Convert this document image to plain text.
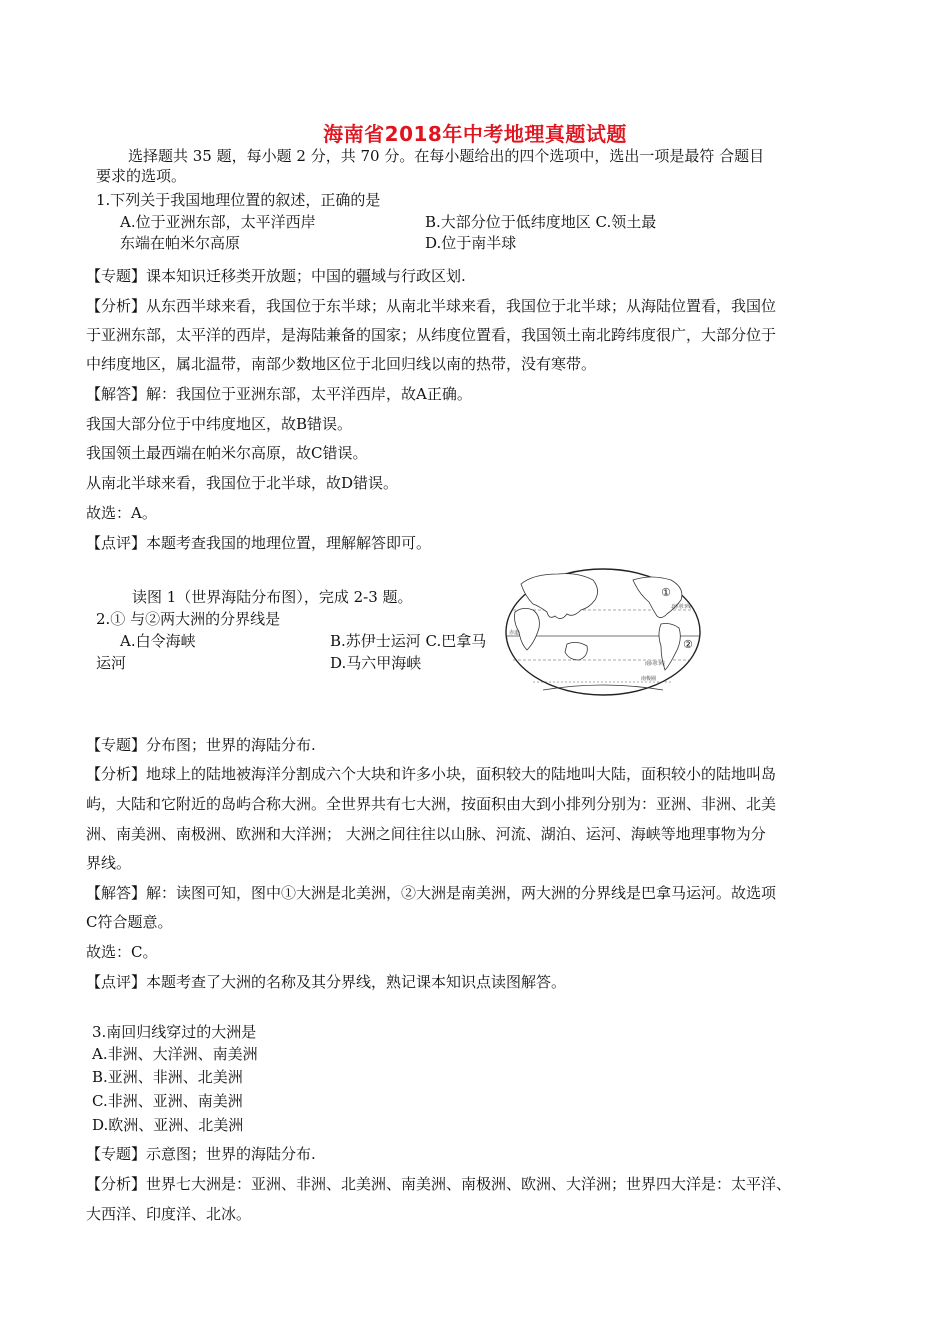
海南省2018年中考地理真题试题
选择题共 35 题，每小题 2 分，共 70 分。在每小题给出的四个选项中，选出一项是最符 合题目
要求的选项。
1.下列关于我国地理位置的叙述，正确的是
A.位于亚洲东部，太平洋西岸	B.大部分位于低纬度地区 C.领土最
东端在帕米尔高原	D.位于南半球
【专题】课本知识迁移类开放题；中国的疆域与行政区划.
【分析】从东西半球来看，我国位于东半球；从南北半球来看，我国位于北半球；从海陆位置看，我国位
于亚洲东部，太平洋的西岸，是海陆兼备的国家；从纬度位置看，我国领土南北跨纬度很广，大部分位于
中纬度地区，属北温带，南部少数地区位于北回归线以南的热带，没有寒带。
【解答】解：我国位于亚洲东部，太平洋西岸，故A正确。
我国大部分位于中纬度地区，故B错误。
我国领土最西端在帕米尔高原，故C错误。
从南北半球来看，我国位于北半球，故D错误。
故选：A。
【点评】本题考查我国的地理位置，理解解答即可。
读图 1（世界海陆分布图），完成 2-3 题。
2.① 与②两大洲的分界线是
A.白令海峡	B.苏伊士运河 C.巴拿马
运河	D.马六甲海峡
①
②
北回归线
赤道
南回归线
南极圈
【专题】分布图；世界的海陆分布.
【分析】地球上的陆地被海洋分割成六个大块和许多小块，面积较大的陆地叫大陆，面积较小的陆地叫岛
屿，大陆和它附近的岛屿合称大洲。全世界共有七大洲，按面积由大到小排列分别为：亚洲、非洲、北美
洲、南美洲、南极洲、欧洲和大洋洲； 大洲之间往往以山脉、河流、湖泊、运河、海峡等地理事物为分
界线。
【解答】解：读图可知，图中①大洲是北美洲，②大洲是南美洲，两大洲的分界线是巴拿马运河。故选项
C符合题意。
故选：C。
【点评】本题考查了大洲的名称及其分界线，熟记课本知识点读图解答。
3.南回归线穿过的大洲是
A.非洲、大洋洲、南美洲
B.亚洲、非洲、北美洲
C.非洲、亚洲、南美洲
D.欧洲、亚洲、北美洲
【专题】示意图；世界的海陆分布.
【分析】世界七大洲是：亚洲、非洲、北美洲、南美洲、南极洲、欧洲、大洋洲；世界四大洋是：太平洋、
大西洋、印度洋、北冰。
